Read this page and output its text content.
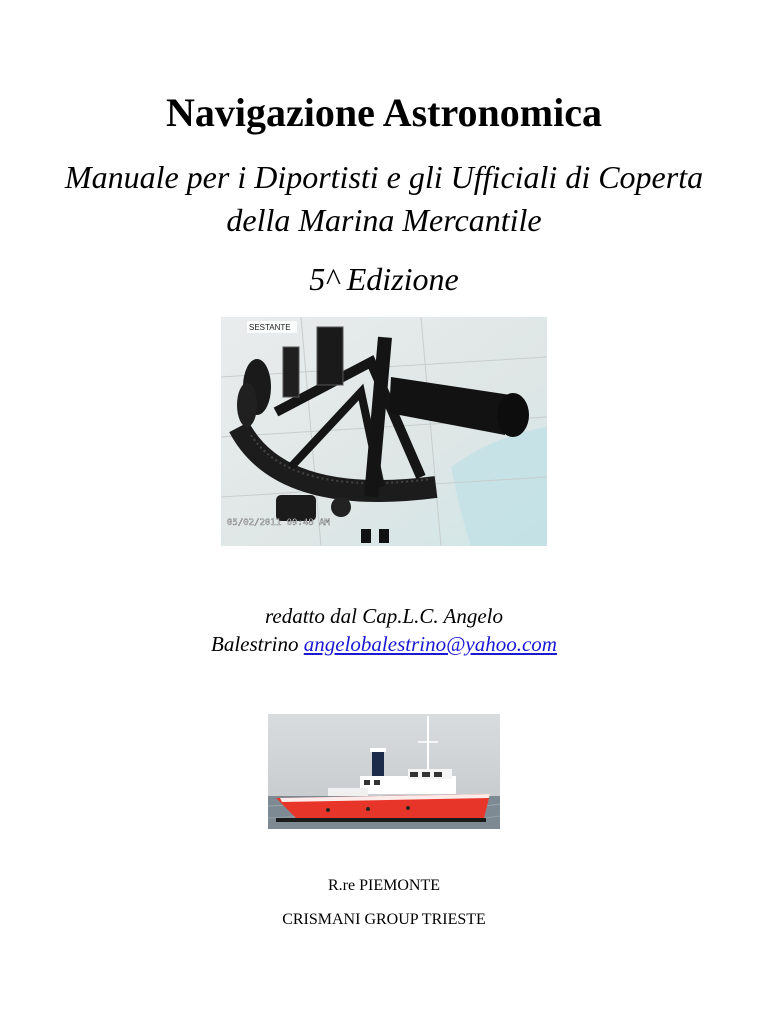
Navigazione Astronomica
Manuale per i Diportisti e gli Ufficiali di Coperta della Marina Mercantile
5^ Edizione
SESTANTE
05/02/2011 09:48 AM
redatto dal Cap.L.C. Angelo
Balestrino angelobalestrino@yahoo.com
R.re PIEMONTE
CRISMANI GROUP TRIESTE
